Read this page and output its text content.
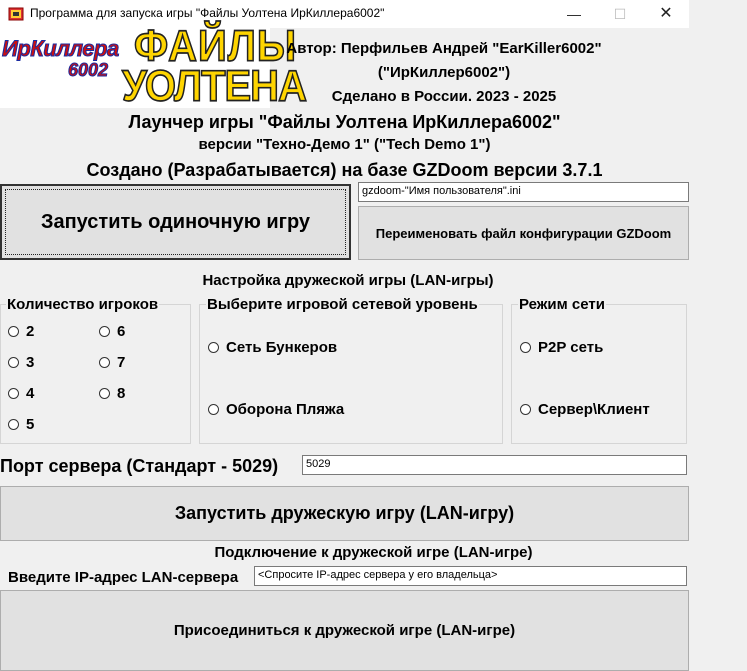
Программа для запуска игры "Файлы Уолтена ИрКиллера6002"	—	☐	✕
ИрКиллера
6002 ФАЙЛЫ
УОЛТЕНА
Автор: Перфильев Андрей "EarKiller6002"
("ИрКиллер6002")
Сделано в России. 2023 - 2025
Лаунчер игры "Файлы Уолтена ИрКиллера6002"
версии "Техно-Демо 1" ("Tech Demo 1")
Создано (Разрабатывается) на базе GZDoom версии 3.7.1
Запустить одиночную игру
gzdoom-"Имя пользователя".ini
Переименовать файл конфигурации GZDoom
Настройка дружеской игры (LAN-игры)
Количество игроков
2
3
4
5
6
7
8
Выберите игровой сетевой уровень
Сеть Бункеров
Оборона Пляжа
Режим сети
P2P сеть
Сервер\Клиент
Порт сервера (Стандарт - 5029)	5029
Запустить дружескую игру (LAN-игру)
Подключение к дружеской игре (LAN-игре)
Введите IP-адрес LAN-сервера	<Спросите IP-адрес сервера у его владельца>
Присоединиться к дружеской игре (LAN-игре)
